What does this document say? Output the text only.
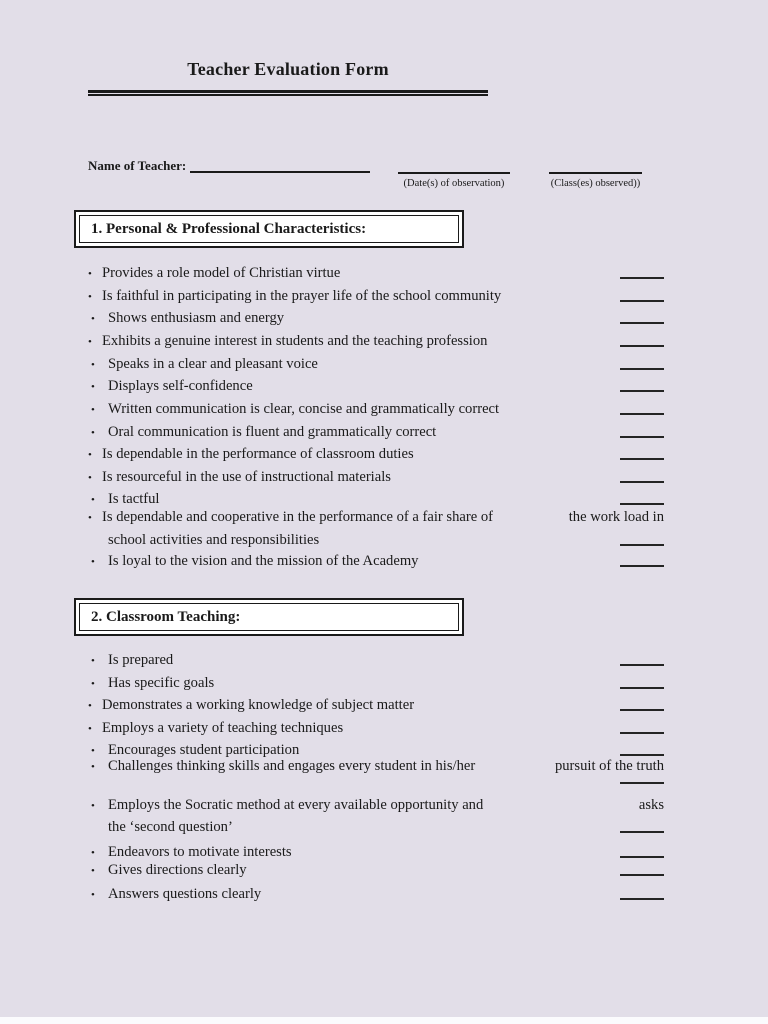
Teacher Evaluation Form
Name of Teacher:
(Date(s) of observation)	(Class(es) observed))
1. Personal & Professional Characteristics:
• Provides a role model of Christian virtue
• Is faithful in participating in the prayer life of the school community
• Shows enthusiasm and energy
• Exhibits a genuine interest in students and the teaching profession
• Speaks in a clear and pleasant voice
• Displays self-confidence
• Written communication is clear, concise and grammatically correct
• Oral communication is fluent and grammatically correct
• Is dependable in the performance of classroom duties
• Is resourceful in the use of instructional materials
• Is tactful
• Is dependable and cooperative in the performance of a fair share of	the work load in
school activities and responsibilities
• Is loyal to the vision and the mission of the Academy
2. Classroom Teaching:
• Is prepared
• Has specific goals
• Demonstrates a working knowledge of subject matter
• Employs a variety of teaching techniques
• Encourages student participation
• Challenges thinking skills and engages every student in his/her	pursuit of the truth
• Employs the Socratic method at every available opportunity and	asks
the ‘second question’
• Endeavors to motivate interests
• Gives directions clearly
• Answers questions clearly
